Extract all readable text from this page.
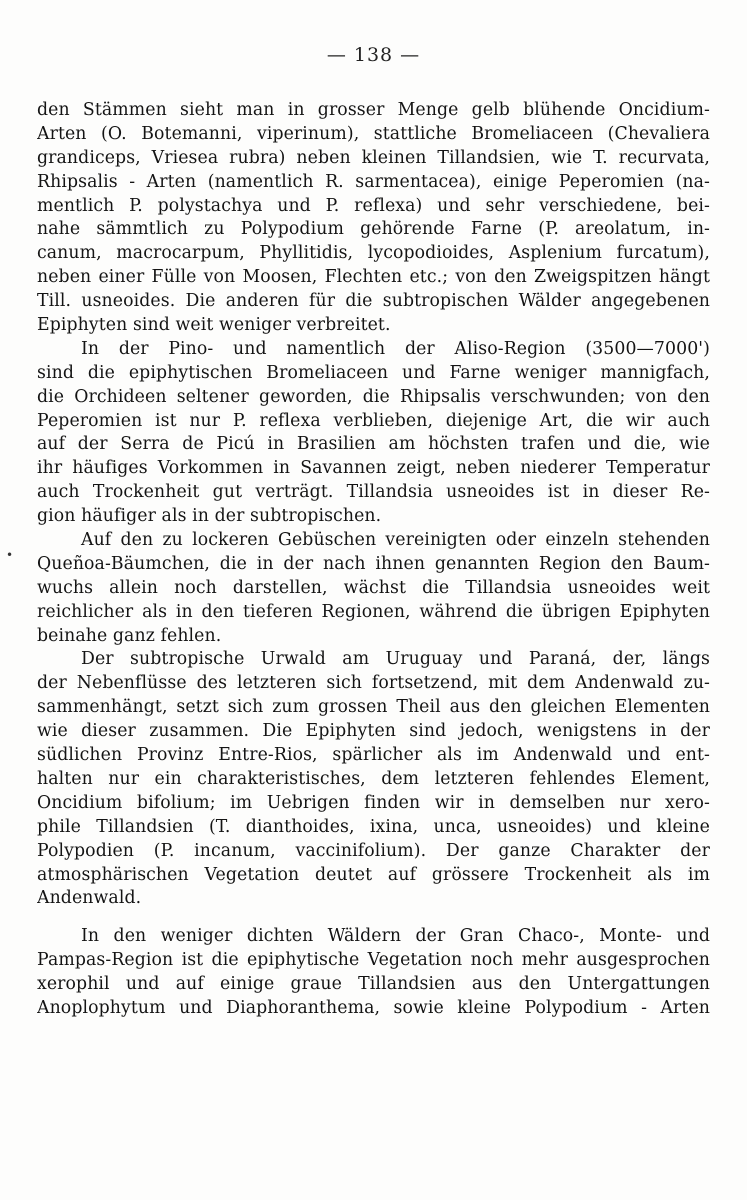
— 138 —
•
den Stämmen sieht man in grosser Menge gelb blühende Oncidium-
Arten (O. Botemanni, viperinum), stattliche Bromeliaceen (Chevaliera
grandiceps, Vriesea rubra) neben kleinen Tillandsien, wie T. recurvata,
Rhipsalis - Arten (namentlich R. sarmentacea), einige Peperomien (na-
mentlich P. polystachya und P. reflexa) und sehr verschiedene, bei-
nahe sämmtlich zu Polypodium gehörende Farne (P. areolatum, in-
canum, macrocarpum, Phyllitidis, lycopodioides, Asplenium furcatum),
neben einer Fülle von Moosen, Flechten etc.; von den Zweigspitzen hängt
Till. usneoides. Die anderen für die subtropischen Wälder angegebenen
Epiphyten sind weit weniger verbreitet.
In der Pino- und namentlich der Aliso-Region (3500—7000')
sind die epiphytischen Bromeliaceen und Farne weniger mannigfach,
die Orchideen seltener geworden, die Rhipsalis verschwunden; von den
Peperomien ist nur P. reflexa verblieben, diejenige Art, die wir auch
auf der Serra de Picú in Brasilien am höchsten trafen und die, wie
ihr häufiges Vorkommen in Savannen zeigt, neben niederer Temperatur
auch Trockenheit gut verträgt. Tillandsia usneoides ist in dieser Re-
gion häufiger als in der subtropischen.
Auf den zu lockeren Gebüschen vereinigten oder einzeln stehenden
Queñoa-Bäumchen, die in der nach ihnen genannten Region den Baum-
wuchs allein noch darstellen, wächst die Tillandsia usneoides weit
reichlicher als in den tieferen Regionen, während die übrigen Epiphyten
beinahe ganz fehlen.
Der subtropische Urwald am Uruguay und Paraná, der, längs
der Nebenflüsse des letzteren sich fortsetzend, mit dem Andenwald zu-
sammenhängt, setzt sich zum grossen Theil aus den gleichen Elementen
wie dieser zusammen. Die Epiphyten sind jedoch, wenigstens in der
südlichen Provinz Entre-Rios, spärlicher als im Andenwald und ent-
halten nur ein charakteristisches, dem letzteren fehlendes Element,
Oncidium bifolium; im Uebrigen finden wir in demselben nur xero-
phile Tillandsien (T. dianthoides, ixina, unca, usneoides) und kleine
Polypodien (P. incanum, vaccinifolium). Der ganze Charakter der
atmosphärischen Vegetation deutet auf grössere Trockenheit als im
Andenwald.
In den weniger dichten Wäldern der Gran Chaco-, Monte- und
Pampas-Region ist die epiphytische Vegetation noch mehr ausgesprochen
xerophil und auf einige graue Tillandsien aus den Untergattungen
Anoplophytum und Diaphoranthema, sowie kleine Polypodium - Arten
